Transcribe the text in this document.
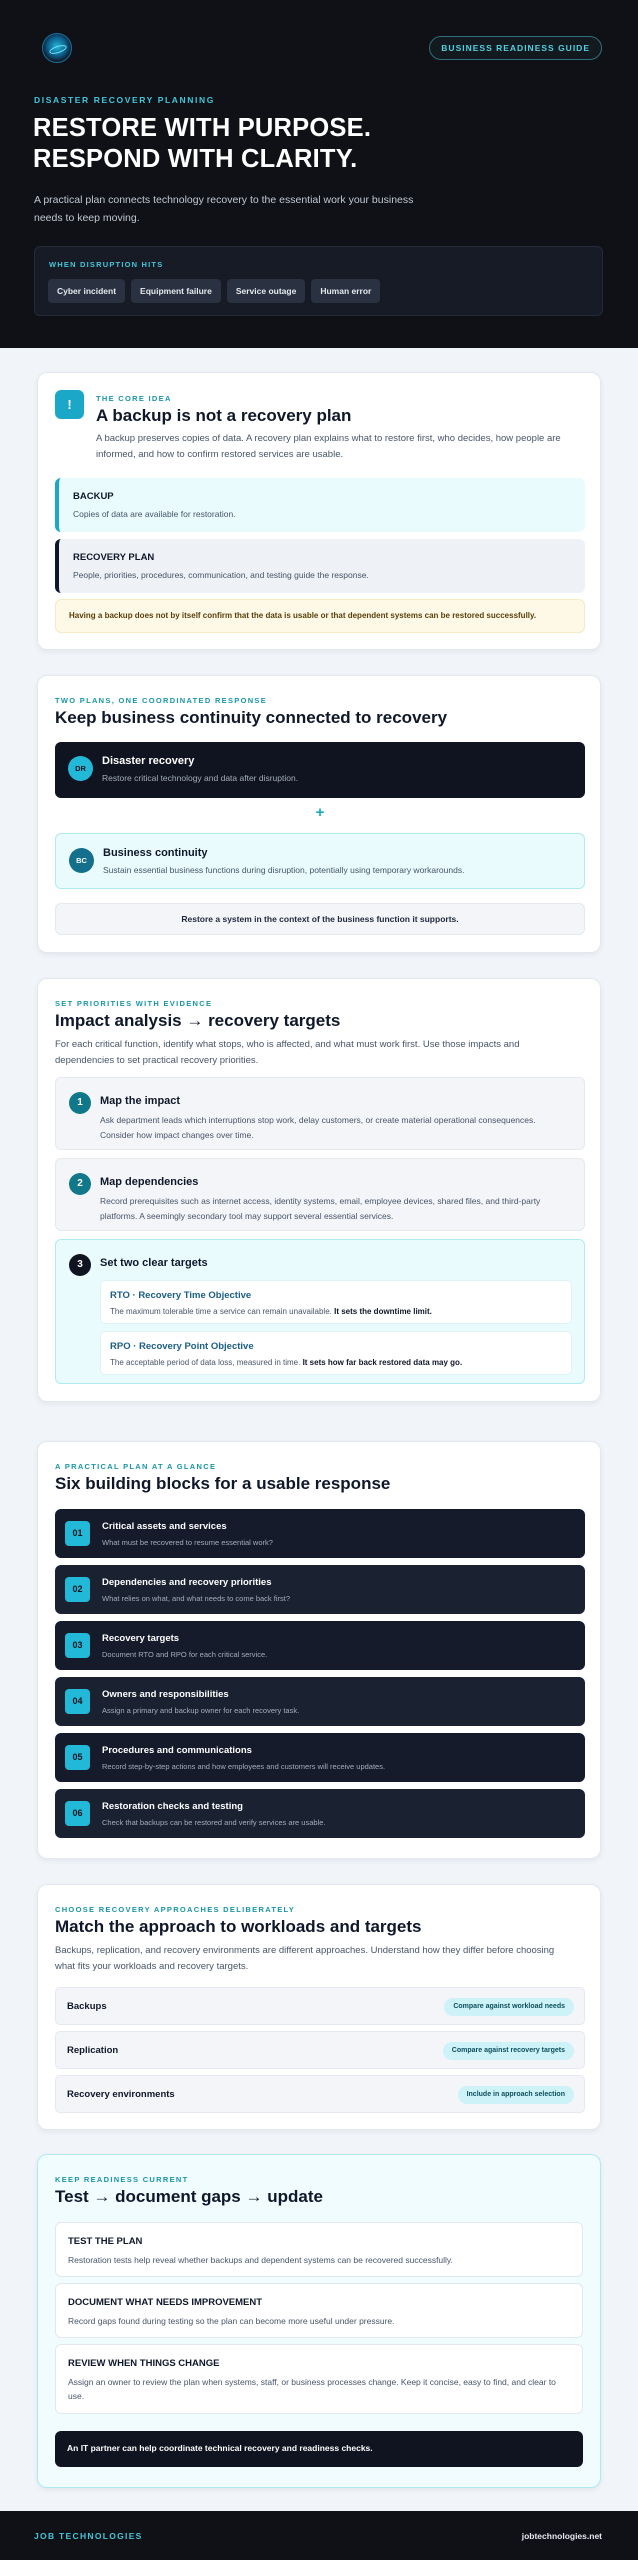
BUSINESS READINESS GUIDE
DISASTER RECOVERY PLANNING
RESTORE WITH PURPOSE.
RESPOND WITH CLARITY.

A practical plan connects technology recovery to the essential work your business needs to keep moving.

WHEN DISRUPTION HITS
Cyber incident	Equipment failure	Service outage	Human error
!	THE CORE IDEA
A backup is not a recovery plan

A backup preserves copies of data. A recovery plan explains what to restore first, who decides, how people are informed, and how to confirm restored services are usable.

BACKUP
Copies of data are available for restoration.
RECOVERY PLAN
People, priorities, procedures, communication, and testing guide the response.
Having a backup does not by itself confirm that the data is usable or that dependent systems can be restored successfully.
TWO PLANS, ONE COORDINATED RESPONSE
Keep business continuity connected to recovery
DR
Disaster recovery
Restore critical technology and data after disruption.
+
BC
Business continuity
Sustain essential business functions during disruption, potentially using temporary workarounds.
Restore a system in the context of the business function it supports.
SET PRIORITIES WITH EVIDENCE
Impact analysis → recovery targets

For each critical function, identify what stops, who is affected, and what must work first. Use those impacts and dependencies to set practical recovery priorities.

1	Map the impact
Ask department leads which interruptions stop work, delay customers, or create material operational consequences. Consider how impact changes over time.
2	Map dependencies
Record prerequisites such as internet access, identity systems, email, employee devices, shared files, and third-party platforms. A seemingly secondary tool may support several essential services.
3	Set two clear targets
RTO · Recovery Time Objective
The maximum tolerable time a service can remain unavailable. It sets the downtime limit.
RPO · Recovery Point Objective
The acceptable period of data loss, measured in time. It sets how far back restored data may go.
A PRACTICAL PLAN AT A GLANCE
Six building blocks for a usable response
01
Critical assets and services
What must be recovered to resume essential work?
02
Dependencies and recovery priorities
What relies on what, and what needs to come back first?
03
Recovery targets
Document RTO and RPO for each critical service.
04
Owners and responsibilities
Assign a primary and backup owner for each recovery task.
05
Procedures and communications
Record step-by-step actions and how employees and customers will receive updates.
06
Restoration checks and testing
Check that backups can be restored and verify services are usable.
CHOOSE RECOVERY APPROACHES DELIBERATELY
Match the approach to workloads and targets

Backups, replication, and recovery environments are different approaches. Understand how they differ before choosing what fits your workloads and recovery targets.

Backups	Compare against workload needs
Replication	Compare against recovery targets
Recovery environments	Include in approach selection
KEEP READINESS CURRENT
Test → document gaps → update
TEST THE PLAN
Restoration tests help reveal whether backups and dependent systems can be recovered successfully.
DOCUMENT WHAT NEEDS IMPROVEMENT
Record gaps found during testing so the plan can become more useful under pressure.
REVIEW WHEN THINGS CHANGE
Assign an owner to review the plan when systems, staff, or business processes change. Keep it concise, easy to find, and clear to use.
An IT partner can help coordinate technical recovery and readiness checks.
JOB TECHNOLOGIES	jobtechnologies.net
